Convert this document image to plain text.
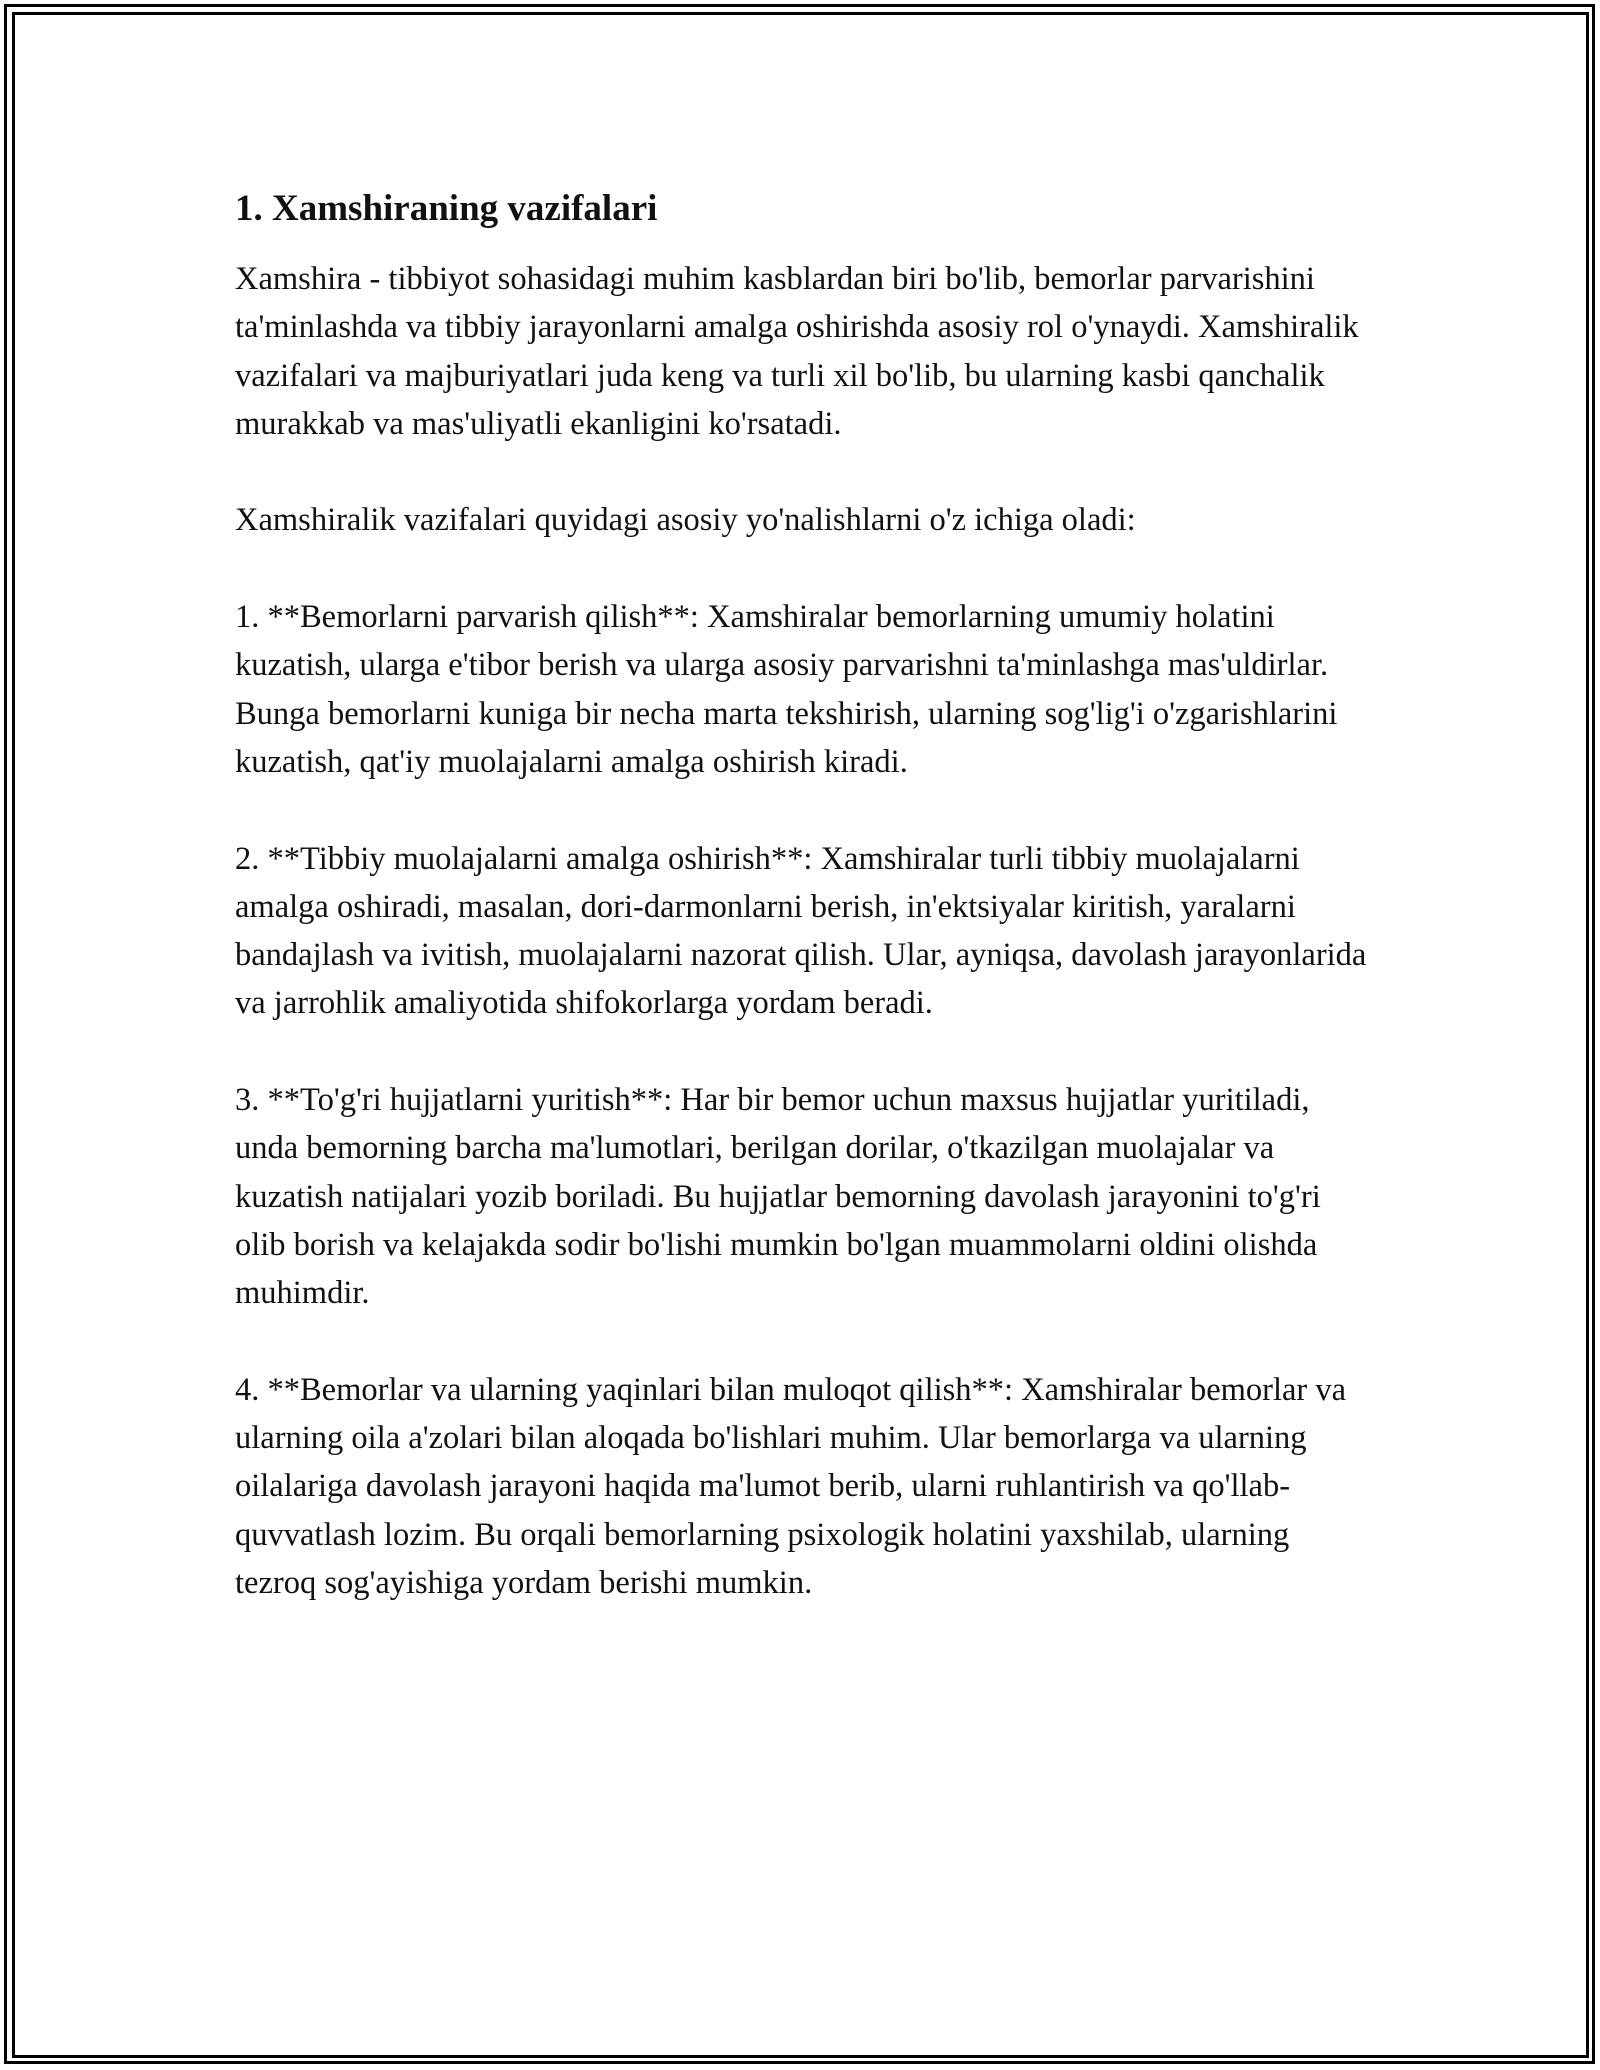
1. Xamshiraning vazifalari

Xamshira - tibbiyot sohasidagi muhim kasblardan biri bo'lib, bemorlar parvarishini ta'minlashda va tibbiy jarayonlarni amalga oshirishda asosiy rol o'ynaydi. Xamshiralik vazifalari va majburiyatlari juda keng va turli xil bo'lib, bu ularning kasbi qanchalik murakkab va mas'uliyatli ekanligini ko'rsatadi.

Xamshiralik vazifalari quyidagi asosiy yo'nalishlarni o'z ichiga oladi:

1. **Bemorlarni parvarish qilish**: Xamshiralar bemorlarning umumiy holatini kuzatish, ularga e'tibor berish va ularga asosiy parvarishni ta'minlashga mas'uldirlar. Bunga bemorlarni kuniga bir necha marta tekshirish, ularning sog'lig'i o'zgarishlarini kuzatish, qat'iy muolajalarni amalga oshirish kiradi.

2. **Tibbiy muolajalarni amalga oshirish**: Xamshiralar turli tibbiy muolajalarni amalga oshiradi, masalan, dori-darmonlarni berish, in'ektsiyalar kiritish, yaralarni bandajlash va ivitish, muolajalarni nazorat qilish. Ular, ayniqsa, davolash jarayonlarida va jarrohlik amaliyotida shifokorlarga yordam beradi.

3. **To'g'ri hujjatlarni yuritish**: Har bir bemor uchun maxsus hujjatlar yuritiladi, unda bemorning barcha ma'lumotlari, berilgan dorilar, o'tkazilgan muolajalar va kuzatish natijalari yozib boriladi. Bu hujjatlar bemorning davolash jarayonini to'g'ri olib borish va kelajakda sodir bo'lishi mumkin bo'lgan muammolarni oldini olishda muhimdir.

4. **Bemorlar va ularning yaqinlari bilan muloqot qilish**: Xamshiralar bemorlar va ularning oila a'zolari bilan aloqada bo'lishlari muhim. Ular bemorlarga va ularning oilalariga davolash jarayoni haqida ma'lumot berib, ularni ruhlantirish va qo'llab-quvvatlash lozim. Bu orqali bemorlarning psixologik holatini yaxshilab, ularning tezroq sog'ayishiga yordam berishi mumkin.
